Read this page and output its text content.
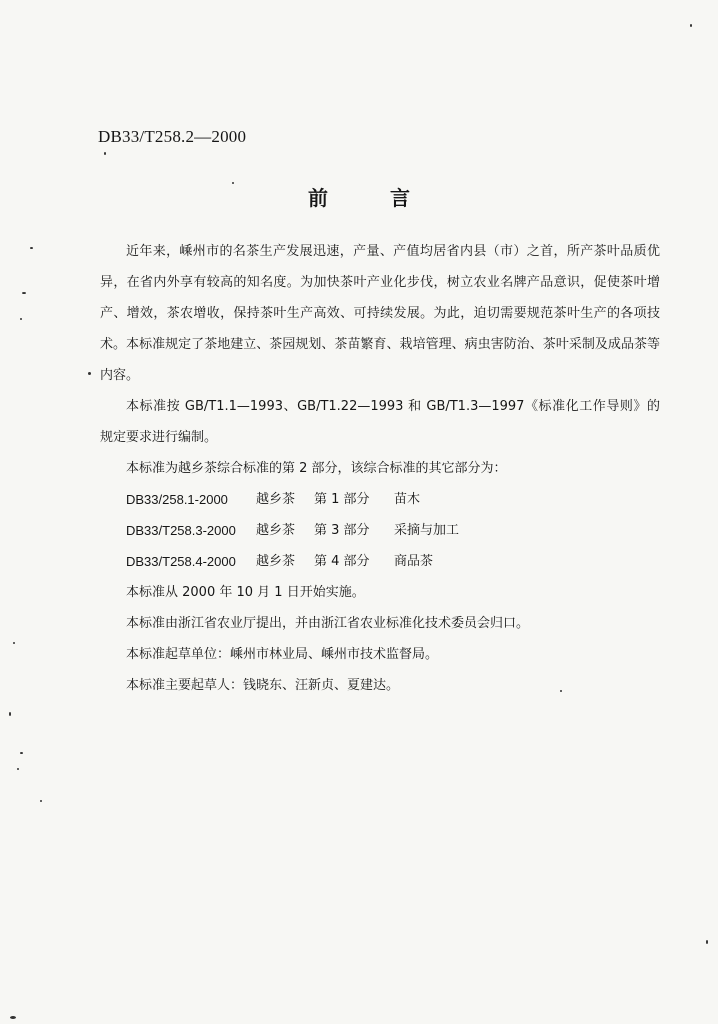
DB33/T258.2—2000
前	言

近年来，嵊州市的名茶生产发展迅速，产量、产值均居省内县（市）之首，所产茶叶品质优异，在省内外享有较高的知名度。为加快茶叶产业化步伐，树立农业名牌产品意识，促使茶叶增产、增效，茶农增收，保持茶叶生产高效、可持续发展。为此，迫切需要规范茶叶生产的各项技术。本标准规定了茶地建立、茶园规划、茶苗繁育、栽培管理、病虫害防治、茶叶采制及成品茶等内容。

本标准按 GB/T1.1—1993、GB/T1.22—1993 和 GB/T1.3—1997《标准化工作导则》的规定要求进行编制。

本标准为越乡茶综合标准的第 2 部分，该综合标准的其它部分为：

DB33/258.1-2000	越乡茶	第 1 部分	苗木
DB33/T258.3-2000	越乡茶	第 3 部分	采摘与加工
DB33/T258.4-2000	越乡茶	第 4 部分	商品茶

本标准从 2000 年 10 月 1 日开始实施。

本标准由浙江省农业厅提出，并由浙江省农业标准化技术委员会归口。

本标准起草单位：嵊州市林业局、嵊州市技术监督局。

本标准主要起草人：钱晓东、汪新贞、夏建达。
